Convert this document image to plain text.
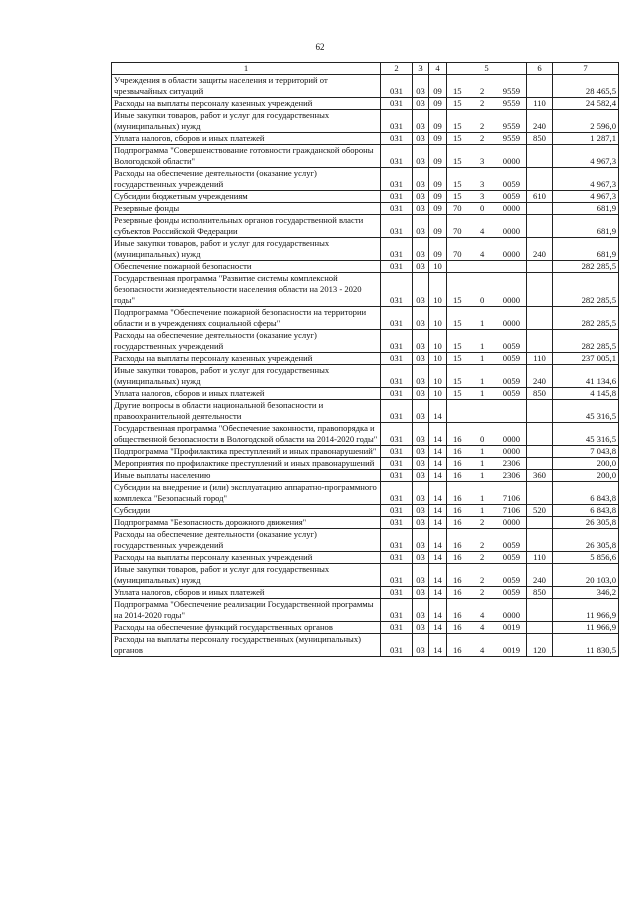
62
1	2	3	4	5	6	7
Учреждения в области защиты населения и территорий от чрезвычайных ситуаций	031	03	09	15 2 9559		28 465,5
Расходы на выплаты персоналу казенных учреждений	031	03	09	15 2 9559	110	24 582,4
Иные закупки товаров, работ и услуг для государственных (муниципальных) нужд	031	03	09	15 2 9559	240	2 596,0
Уплата налогов, сборов и иных платежей	031	03	09	15 2 9559	850	1 287,1
Подпрограмма "Совершенствование готовности гражданской обороны Вологодской области"	031	03	09	15 3 0000		4 967,3
Расходы на обеспечение деятельности (оказание услуг) государственных учреждений	031	03	09	15 3 0059		4 967,3
Субсидии бюджетным учреждениям	031	03	09	15 3 0059	610	4 967,3
Резервные фонды	031	03	09	70 0 0000		681,9
Резервные фонды исполнительных органов государственной власти субъектов Российской Федерации	031	03	09	70 4 0000		681,9
Иные закупки товаров, работ и услуг для государственных (муниципальных) нужд	031	03	09	70 4 0000	240	681,9
Обеспечение пожарной безопасности	031	03	10			282 285,5
Государственная программа "Развитие системы комплексной безопасности жизнедеятельности населения области на 2013 - 2020 годы"	031	03	10	15 0 0000		282 285,5
Подпрограмма "Обеспечение пожарной безопасности на территории области и в учреждениях социальной сферы"	031	03	10	15 1 0000		282 285,5
Расходы на обеспечение деятельности (оказание услуг) государственных учреждений	031	03	10	15 1 0059		282 285,5
Расходы на выплаты персоналу казенных учреждений	031	03	10	15 1 0059	110	237 005,1
Иные закупки товаров, работ и услуг для государственных (муниципальных) нужд	031	03	10	15 1 0059	240	41 134,6
Уплата налогов, сборов и иных платежей	031	03	10	15 1 0059	850	4 145,8
Другие вопросы в области национальной безопасности и правоохранительной деятельности	031	03	14			45 316,5
Государственная программа "Обеспечение законности, правопорядка и общественной безопасности в Вологодской области на 2014-2020 годы"	031	03	14	16 0 0000		45 316,5
Подпрограмма "Профилактика преступлений и иных правонарушений"	031	03	14	16 1 0000		7 043,8
Мероприятия по профилактике преступлений и иных правонарушений	031	03	14	16 1 2306		200,0
Иные выплаты населению	031	03	14	16 1 2306	360	200,0
Субсидии на внедрение и (или) эксплуатацию аппаратно-программного комплекса "Безопасный город"	031	03	14	16 1 7106		6 843,8
Субсидии	031	03	14	16 1 7106	520	6 843,8
Подпрограмма "Безопасность дорожного движения"	031	03	14	16 2 0000		26 305,8
Расходы на обеспечение деятельности (оказание услуг) государственных учреждений	031	03	14	16 2 0059		26 305,8
Расходы на выплаты персоналу казенных учреждений	031	03	14	16 2 0059	110	5 856,6
Иные закупки товаров, работ и услуг для государственных (муниципальных) нужд	031	03	14	16 2 0059	240	20 103,0
Уплата налогов, сборов и иных платежей	031	03	14	16 2 0059	850	346,2
Подпрограмма "Обеспечение реализации Государственной программы на 2014-2020 годы"	031	03	14	16 4 0000		11 966,9
Расходы на обеспечение функций государственных органов	031	03	14	16 4 0019		11 966,9
Расходы на выплаты персоналу государственных (муниципальных) органов	031	03	14	16 4 0019	120	11 830,5
